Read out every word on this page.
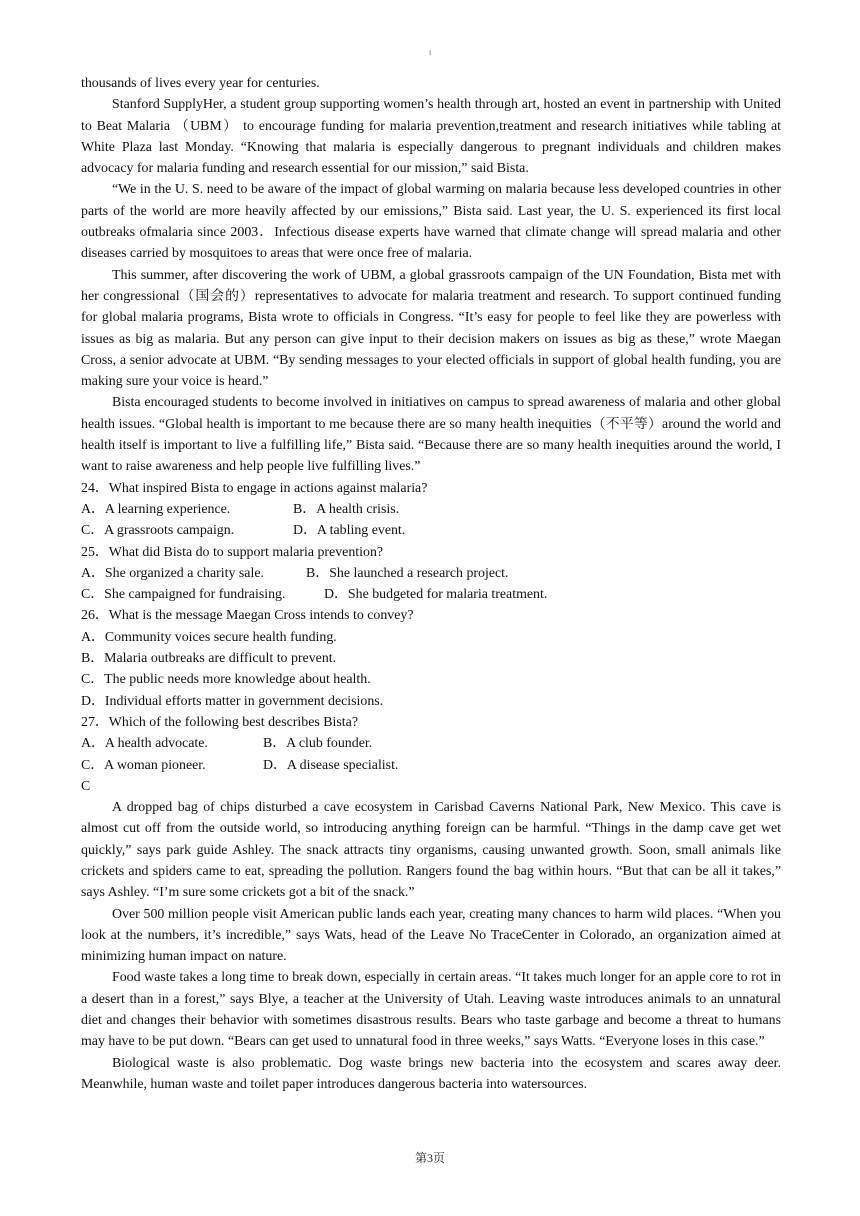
1

thousands of lives every year for centuries.

Stanford SupplyHer, a student group supporting women’s health through art, hosted an event in partnership with United to Beat Malaria （UBM） to encourage funding for malaria prevention,treatment and research initiatives while tabling at White Plaza last Monday. “Knowing that malaria is especially dangerous to pregnant individuals and children makes advocacy for malaria funding and research essential for our mission,” said Bista.

“We in the U. S. need to be aware of the impact of global warming on malaria because less developed countries in other parts of the world are more heavily affected by our emissions,” Bista said. Last year, the U. S. experienced its first local outbreaks ofmalaria since 2003．Infectious disease experts have warned that climate change will spread malaria and other diseases carried by mosquitoes to areas that were once free of malaria.

This summer, after discovering the work of UBM, a global grassroots campaign of the UN Foundation, Bista met with her congressional（国会的）representatives to advocate for malaria treatment and research. To support continued funding for global malaria programs, Bista wrote to officials in Congress. “It’s easy for people to feel like they are powerless with issues as big as malaria. But any person can give input to their decision makers on issues as big as these,” wrote Maegan Cross, a senior advocate at UBM. “By sending messages to your elected officials in support of global health funding, you are making sure your voice is heard.”

Bista encouraged students to become involved in initiatives on campus to spread awareness of malaria and other global health issues. “Global health is important to me because there are so many health inequities（不平等）around the world and health itself is important to live a fulfilling life,” Bista said. “Because there are so many health inequities around the world, I want to raise awareness and help people live fulfilling lives.”

24．What inspired Bista to engage in actions against malaria?

A．A learning experience.	B．A health crisis.
C．A grassroots campaign.	D．A tabling event.

25．What did Bista do to support malaria prevention?

A．She organized a charity sale.	B．She launched a research project.
C．She campaigned for fundraising.	D．She budgeted for malaria treatment.

26．What is the message Maegan Cross intends to convey?

A．Community voices secure health funding.

B．Malaria outbreaks are difficult to prevent.

C．The public needs more knowledge about health.

D．Individual efforts matter in government decisions.

27．Which of the following best describes Bista?

A．A health advocate.	B．A club founder.
C．A woman pioneer.	D．A disease specialist.

C

A dropped bag of chips disturbed a cave ecosystem in Carisbad Caverns National Park, New Mexico. This cave is almost cut off from the outside world, so introducing anything foreign can be harmful. “Things in the damp cave get wet quickly,” says park guide Ashley. The snack attracts tiny organisms, causing unwanted growth. Soon, small animals like crickets and spiders came to eat, spreading the pollution. Rangers found the bag within hours. “But that can be all it takes,” says Ashley. “I’m sure some crickets got a bit of the snack.”

Over 500 million people visit American public lands each year, creating many chances to harm wild places. “When you look at the numbers, it’s incredible,” says Wats, head of the Leave No TraceCenter in Colorado, an organization aimed at minimizing human impact on nature.

Food waste takes a long time to break down, especially in certain areas. “It takes much longer for an apple core to rot in a desert than in a forest,” says Blye, a teacher at the University of Utah. Leaving waste introduces animals to an unnatural diet and changes their behavior with sometimes disastrous results. Bears who taste garbage and become a threat to humans may have to be put down. “Bears can get used to unnatural food in three weeks,” says Watts. “Everyone loses in this case.”

Biological waste is also problematic. Dog waste brings new bacteria into the ecosystem and scares away deer. Meanwhile, human waste and toilet paper introduces dangerous bacteria into watersources.

第3页
